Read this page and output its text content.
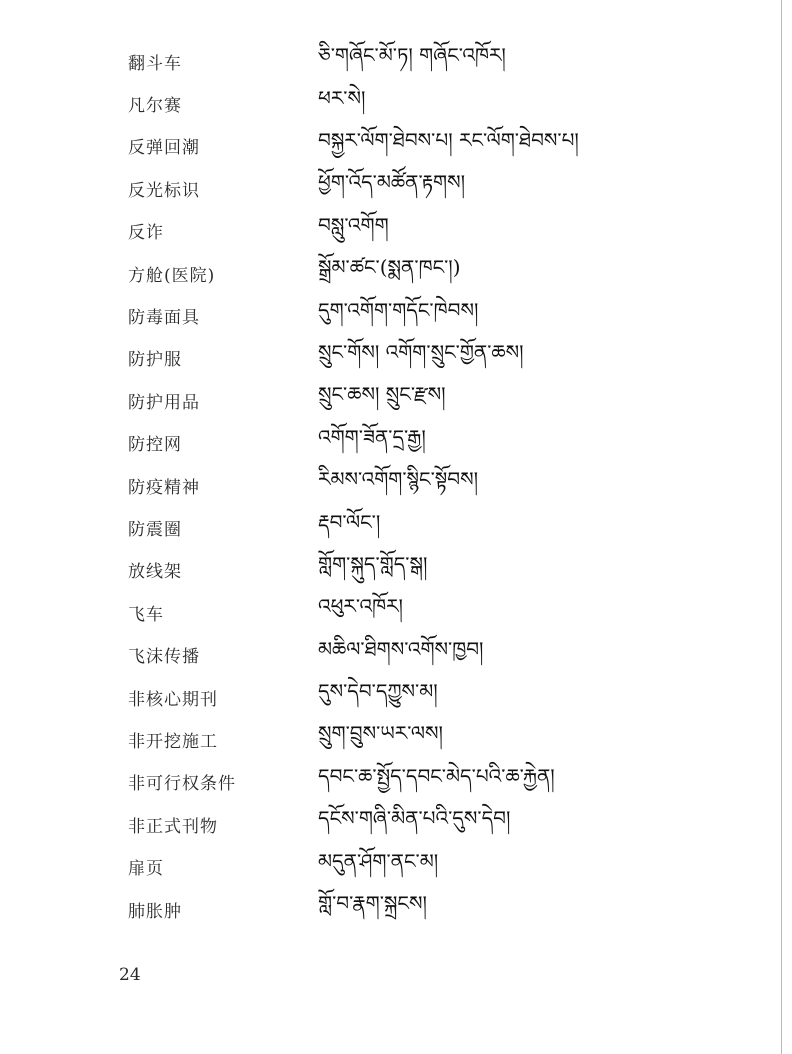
翻斗车	ཅི་གཞོང་མོ་ཏ། གཞོང་འཁོར།
凡尔赛	ཕར་སེ།
反弹回潮	བསྐྱར་ལོག་ཐེབས་པ། རང་ལོག་ཐེབས་པ།
反光标识	ཕྱོག་འོད་མཚོན་རྟགས།
反诈	བསླུ་འགོག
方舱(医院)	སྒྲོམ་ཚང་(སྨན་ཁང་།)
防毒面具	དུག་འགོག་གདོང་ཁེབས།
防护服	སྲུང་གོས། འགོག་སྲུང་གྱོན་ཆས།
防护用品	སྲུང་ཆས། སྲུང་རྫས།
防控网	འགོག་ཟོན་དྲ་རྒྱ།
防疫精神	རིམས་འགོག་སྙིང་སྟོབས།
防震圈	རྡབ་ལོང་།
放线架	གློག་སྐུད་གློད་སྒ།
飞车	འཕུར་འཁོར།
飞沫传播	མཆིལ་ཐིགས་འགོས་ཁྱབ།
非核心期刊	དུས་དེབ་དཀྱུས་མ།
非开挖施工	སྲུག་བྲུས་ཡར་ལས།
非可行权条件	དབང་ཆ་སྤྱོད་དབང་མེད་པའི་ཆ་རྐྱེན།
非正式刊物	དངོས་གཞི་མིན་པའི་དུས་དེབ།
扉页	མདུན་ཤོག་ནང་མ།
肺胀肿	གློ་བ་རྣག་སྐྲངས།
24
